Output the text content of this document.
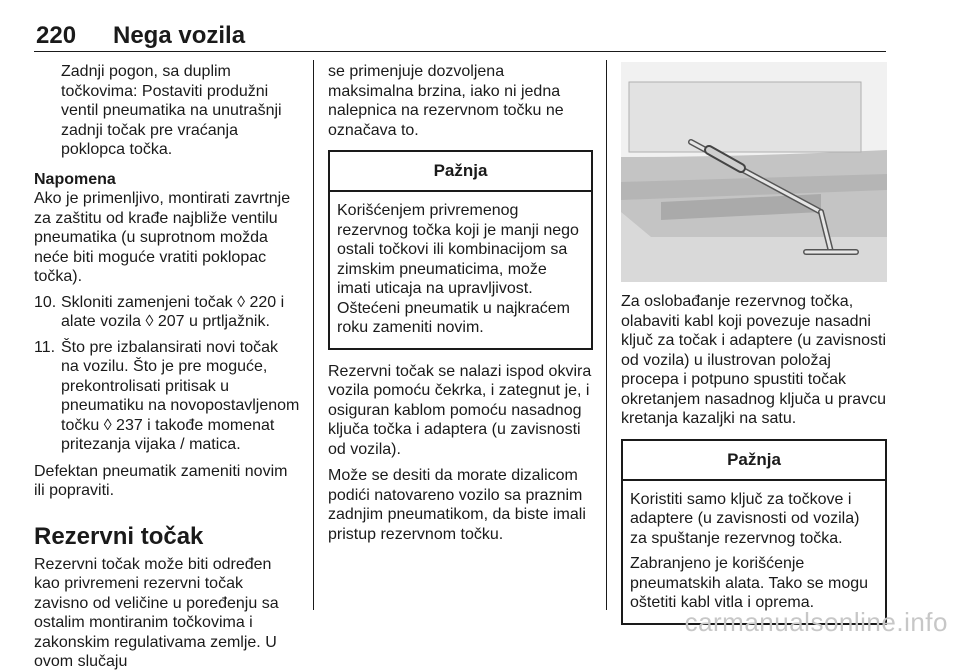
220 Nega vozila

Zadnji pogon, sa duplim točkovima: Postaviti produžni ventil pneumatika na unutrašnji zadnji točak pre vraćanja poklopca točka.

Napomena

Ako je primenljivo, montirati zavrtnje za zaštitu od krađe najbliže ventilu pneumatika (u suprotnom možda neće biti moguće vratiti poklopac točka).

10. Skloniti zamenjeni točak ◊ 220 i alate vozila ◊ 207 u prtljažnik.

11. Što pre izbalansirati novi točak na vozilu. Što je pre moguće, prekontrolisati pritisak u pneumatiku na novopostavljenom točku ◊ 237 i takođe momenat pritezanja vijaka / matica.

Defektan pneumatik zameniti novim ili popraviti.

Rezervni točak

Rezervni točak može biti određen kao privremeni rezervni točak zavisno od veličine u poređenju sa ostalim montiranim točkovima i zakonskim regulativama zemlje. U ovom slučaju

se primenjuje dozvoljena maksimalna brzina, iako ni jedna nalepnica na rezervnom točku ne označava to.

Pažnja

Korišćenjem privremenog rezervnog točka koji je manji nego ostali točkovi ili kombinacijom sa zimskim pneumaticima, može imati uticaja na upravljivost.

Oštećeni pneumatik u najkraćem roku zameniti novim.

Rezervni točak se nalazi ispod okvira vozila pomoću čekrka, i zategnut je, i osiguran kablom pomoću nasadnog ključa točka i adaptera (u zavisnosti od vozila).

Može se desiti da morate dizalicom podići natovareno vozilo sa praznim zadnjim pneumatikom, da biste imali pristup rezervnom točku.

Za oslobađanje rezervnog točka, olabaviti kabl koji povezuje nasadni ključ za točak i adaptere (u zavisnosti od vozila) u ilustrovan položaj procepa i potpuno spustiti točak okretanjem nasadnog ključa u pravcu kretanja kazaljki na satu.

Pažnja

Koristiti samo ključ za točkove i adaptere (u zavisnosti od vozila) za spuštanje rezervnog točka.

Zabranjeno je korišćenje pneumatskih alata. Tako se mogu oštetiti kabl vitla i oprema.

carmanualsonline.info
